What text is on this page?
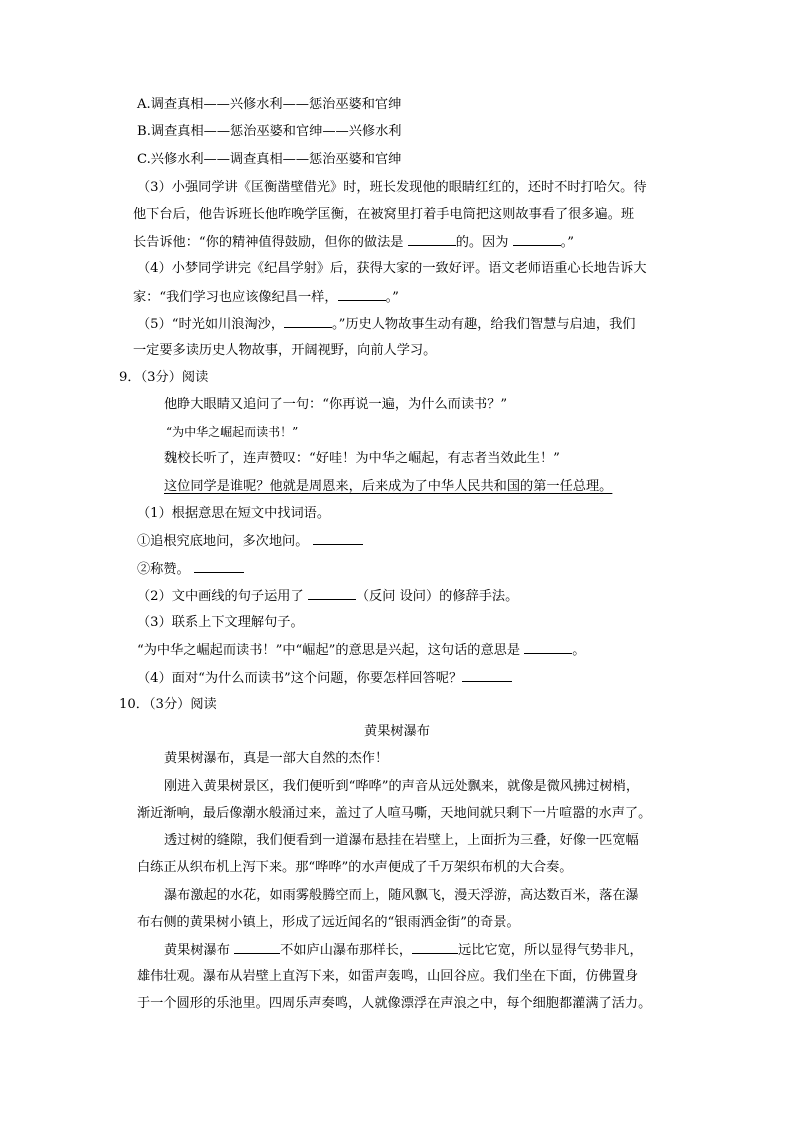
A.调查真相——兴修水利——惩治巫婆和官绅
B.调查真相——惩治巫婆和官绅——兴修水利
C.兴修水利——调查真相——惩治巫婆和官绅
（3）小强同学讲《匡衡凿壁借光》时，班长发现他的眼睛红红的，还时不时打哈欠。待
他下台后，他告诉班长他昨晚学匡衡，在被窝里打着手电筒把这则故事看了很多遍。班
长告诉他：“你的精神值得鼓励，但你的做法是	的。因为	。”
（4）小梦同学讲完《纪昌学射》后，获得大家的一致好评。语文老师语重心长地告诉大
家：“我们学习也应该像纪昌一样，	。”
（5）“时光如川浪淘沙，	。”历史人物故事生动有趣，给我们智慧与启迪，我们
一定要多读历史人物故事，开阔视野，向前人学习。
9．（3分）阅读
他睁大眼睛又追问了一句：“你再说一遍，为什么而读书？”
“为中华之崛起而读书！”
魏校长听了，连声赞叹：“好哇！为中华之崛起，有志者当效此生！”
这位同学是谁呢？他就是周恩来，后来成为了中华人民共和国的第一任总理。
（1）根据意思在短文中找词语。
①追根究底地问，多次地问。
②称赞。
（2）文中画线的句子运用了	（反问 设问）的修辞手法。
（3）联系上下文理解句子。
“为中华之崛起而读书！”中“崛起”的意思是兴起，这句话的意思是	。
（4）面对“为什么而读书”这个问题，你要怎样回答呢？
10．（3分）阅读
黄果树瀑布
黄果树瀑布，真是一部大自然的杰作！
刚进入黄果树景区，我们便听到“哗哗”的声音从远处飘来，就像是微风拂过树梢，
渐近渐响，最后像潮水般涌过来，盖过了人喧马嘶，天地间就只剩下一片喧嚣的水声了。
透过树的缝隙，我们便看到一道瀑布悬挂在岩壁上，上面折为三叠，好像一匹宽幅
白练正从织布机上泻下来。那“哗哗”的水声便成了千万架织布机的大合奏。
瀑布激起的水花，如雨雾般腾空而上，随风飘飞，漫天浮游，高达数百米，落在瀑
布右侧的黄果树小镇上，形成了远近闻名的“银雨洒金街”的奇景。
黄果树瀑布	不如庐山瀑布那样长，	远比它宽，所以显得气势非凡，
雄伟壮观。瀑布从岩壁上直泻下来，如雷声轰鸣，山回谷应。我们坐在下面，仿佛置身
于一个圆形的乐池里。四周乐声奏鸣，人就像漂浮在声浪之中，每个细胞都灌满了活力。
